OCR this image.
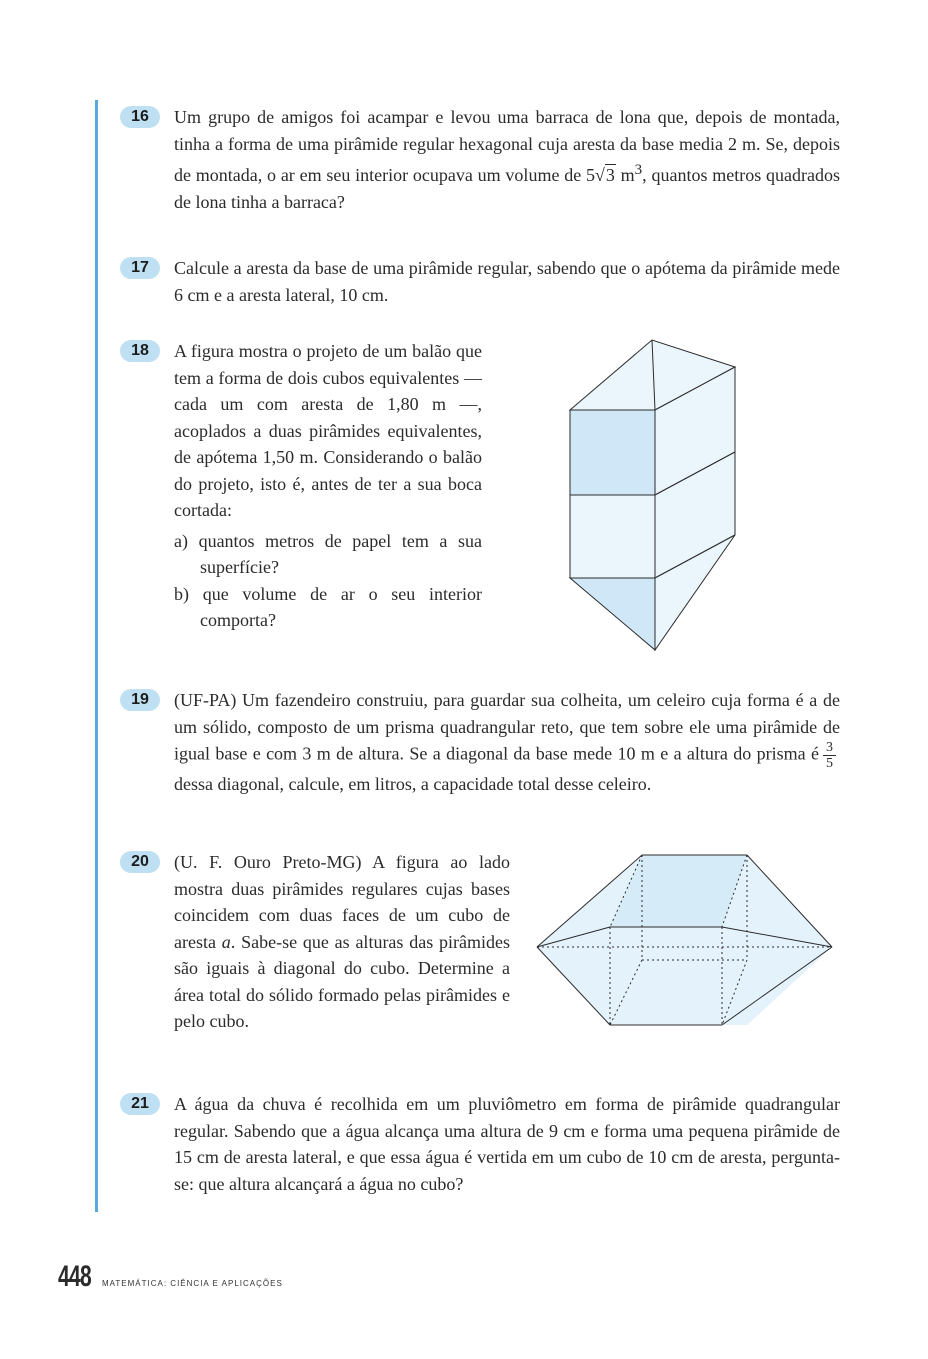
16	Um grupo de amigos foi acampar e levou uma barraca de lona que, depois de montada, tinha a forma de uma pirâmide regular hexagonal cuja aresta da base media 2 m. Se, depois de montada, o ar em seu interior ocupava um volume de 5√3 $m^3$, quantos metros quadrados de lona tinha a barraca?

17	Calcule a aresta da base de uma pirâmide regular, sabendo que o apótema da pirâmide mede 6 cm e a aresta lateral, 10 cm.
18	A figura mostra o projeto de um balão que tem a forma de dois cubos equivalentes — cada um com aresta de 1,80 m —, acoplados a duas pirâmides equivalentes, de apótema 1,50 m. Considerando o balão do projeto, isto é, antes de ter a sua boca cortada:

a) quantos metros de papel tem a sua superfície?

b) que volume de ar o seu interior comporta?

19	(UF-PA) Um fazendeiro construiu, para guardar sua colheita, um celeiro cuja forma é a de um sólido, composto de um prisma quadrangular reto, que tem sobre ele uma pirâmide de igual base e com 3 m de altura. Se a diagonal da base mede 10 m e a altura do prisma é $\frac{3}{5}$
dessa diagonal, calcule, em litros, a capacidade total desse celeiro.

20	(U. F. Ouro Preto-MG) A figura ao lado mostra duas pirâmides regulares cujas bases coincidem com duas faces de um cubo de aresta a. Sabe-se que as alturas das pirâmides são iguais à diagonal do cubo. Determine a área total do sólido formado pelas pirâmides e pelo cubo.

21	A água da chuva é recolhida em um pluviômetro em forma de pirâmide quadrangular regular. Sabendo que a água alcança uma altura de 9 cm e forma uma pequena pirâmide de 15 cm de aresta lateral, e que essa água é vertida em um cubo de 10 cm de aresta, pergunta-se: que altura alcançará a água no cubo?
448 MATEMÁTICA: CIÊNCIA E APLICAÇÕES
